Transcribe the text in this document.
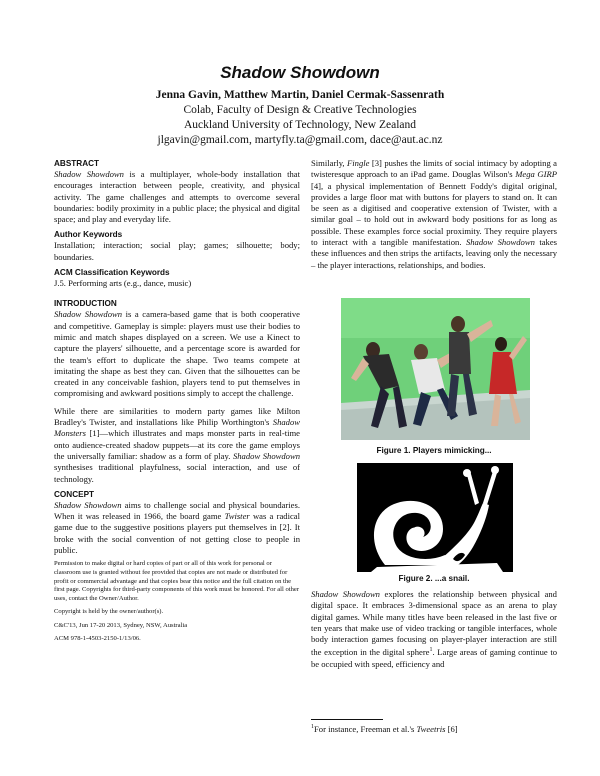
Shadow Showdown
Jenna Gavin, Matthew Martin, Daniel Cermak-Sassenrath
Colab, Faculty of Design & Creative Technologies
Auckland University of Technology, New Zealand
jlgavin@gmail.com, martyfly.ta@gmail.com, dace@aut.ac.nz
ABSTRACT

Shadow Showdown is a multiplayer, whole-body installation that encourages interaction between people, creativity, and physical activity. The game challenges and attempts to overcome several boundaries: bodily proximity in a public place; the physical and digital space; and play and everyday life.

Author Keywords

Installation; interaction; social play; games; silhouette; body; boundaries.

ACM Classification Keywords

J.5. Performing arts (e.g., dance, music)

INTRODUCTION

Shadow Showdown is a camera-based game that is both cooperative and competitive. Gameplay is simple: players must use their bodies to mimic and match shapes displayed on a screen. We use a Kinect to capture the players' silhouette, and a percentage score is awarded for the team's effort to duplicate the shape. Two teams compete at imitating the shape as best they can. Given that the silhouettes can be created in any conceivable fashion, players tend to put themselves in compromising and awkward positions simply to accept the challenge.

While there are similarities to modern party games like Milton Bradley's Twister, and installations like Philip Worthington's Shadow Monsters [1]—which illustrates and maps monster parts in real-time onto audience-created shadow puppets—at its core the game employs the universally familiar: shadow as a form of play. Shadow Showdown synthesises traditional playfulness, social interaction, and use of technology.

CONCEPT

Shadow Showdown aims to challenge social and physical boundaries. When it was released in 1966, the board game Twister was a radical game due to the suggestive positions players put themselves in [2]. It broke with the social convention of not getting close to people in public.

Permission to make digital or hard copies of part or all of this work for personal or classroom use is granted without fee provided that copies are not made or distributed for profit or commercial advantage and that copies bear this notice and the full citation on the first page. Copyrights for third-party components of this work must be honored. For all other uses, contact the Owner/Author.

Copyright is held by the owner/author(s).

C&C'13, Jun 17-20 2013, Sydney, NSW, Australia

ACM 978-1-4503-2150-1/13/06.

Similarly, Fingle [3] pushes the limits of social intimacy by adopting a twisteresque approach to an iPad game. Douglas Wilson's Mega GIRP [4], a physical implementation of Bennett Foddy's digital original, provides a large floor mat with buttons for players to stand on. It can be seen as a digitised and cooperative extension of Twister, with a similar goal – to hold out in awkward body positions for as long as possible. These examples force social proximity. They require players to interact with a tangible manifestation. Shadow Showdown takes these influences and then strips the artifacts, leaving only the necessary – the player interactions, relationships, and bodies.

Figure 1. Players mimicking...
Figure 2. ...a snail.

Shadow Showdown explores the relationship between physical and digital space. It embraces 3-dimensional space as an arena to play digital games. While many titles have been released in the last five or ten years that make use of video tracking or tangible interfaces, whole body interaction games focusing on player-player interaction are still the exception in the digital sphere$^1$. Large areas of gaming continue to be occupied with speed, efficiency and

$^1$For instance, Freeman et al.'s Tweetris [6]
